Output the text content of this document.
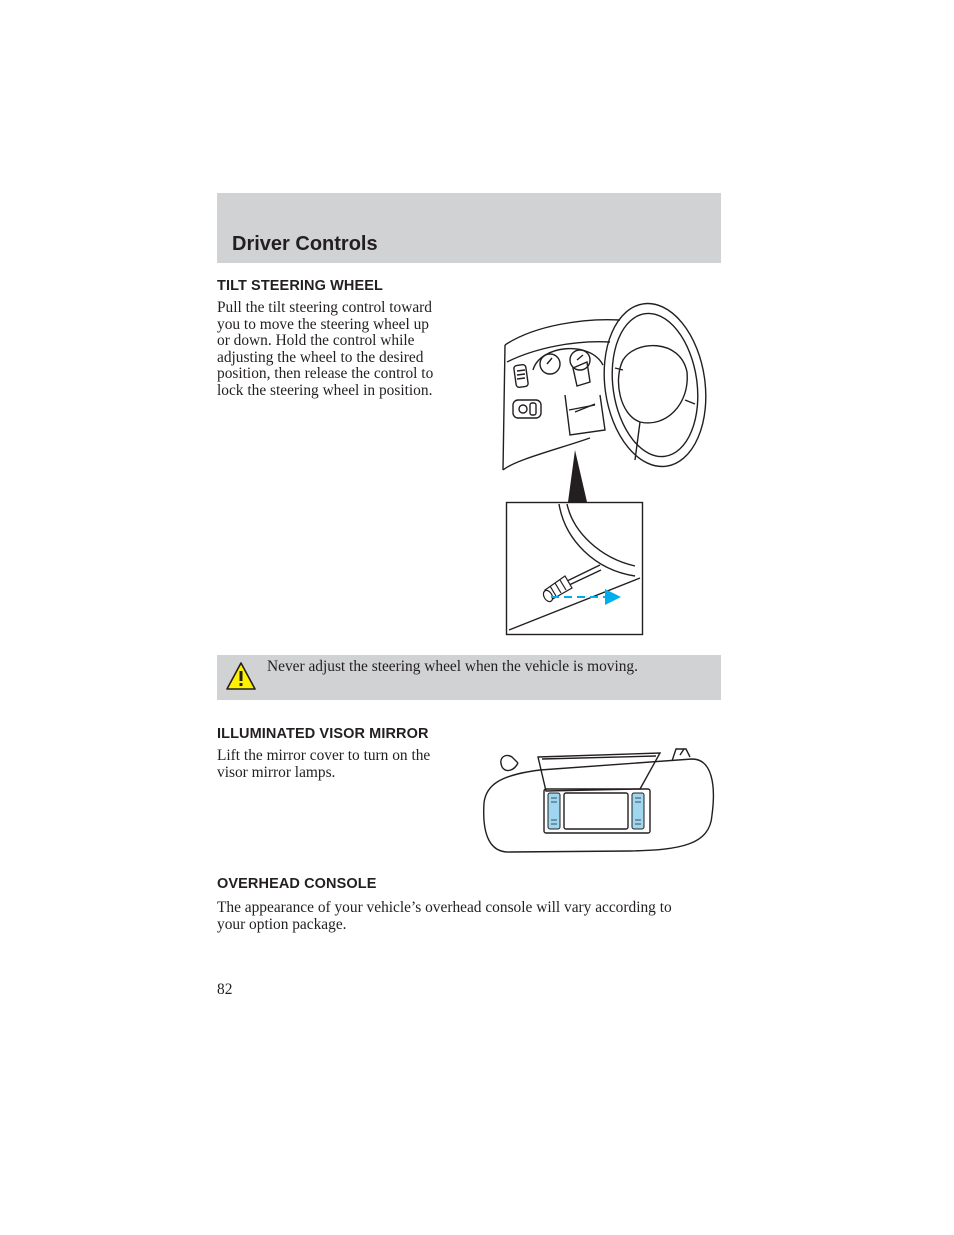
Driver Controls
TILT STEERING WHEEL
Pull the tilt steering control toward
you to move the steering wheel up
or down. Hold the control while
adjusting the wheel to the desired
position, then release the control to
lock the steering wheel in position.

Never adjust the steering wheel when the vehicle is moving.

ILLUMINATED VISOR MIRROR
Lift the mirror cover to turn on the
visor mirror lamps.
OVERHEAD CONSOLE
The appearance of your vehicle’s overhead console will vary according to
your option package.

82
